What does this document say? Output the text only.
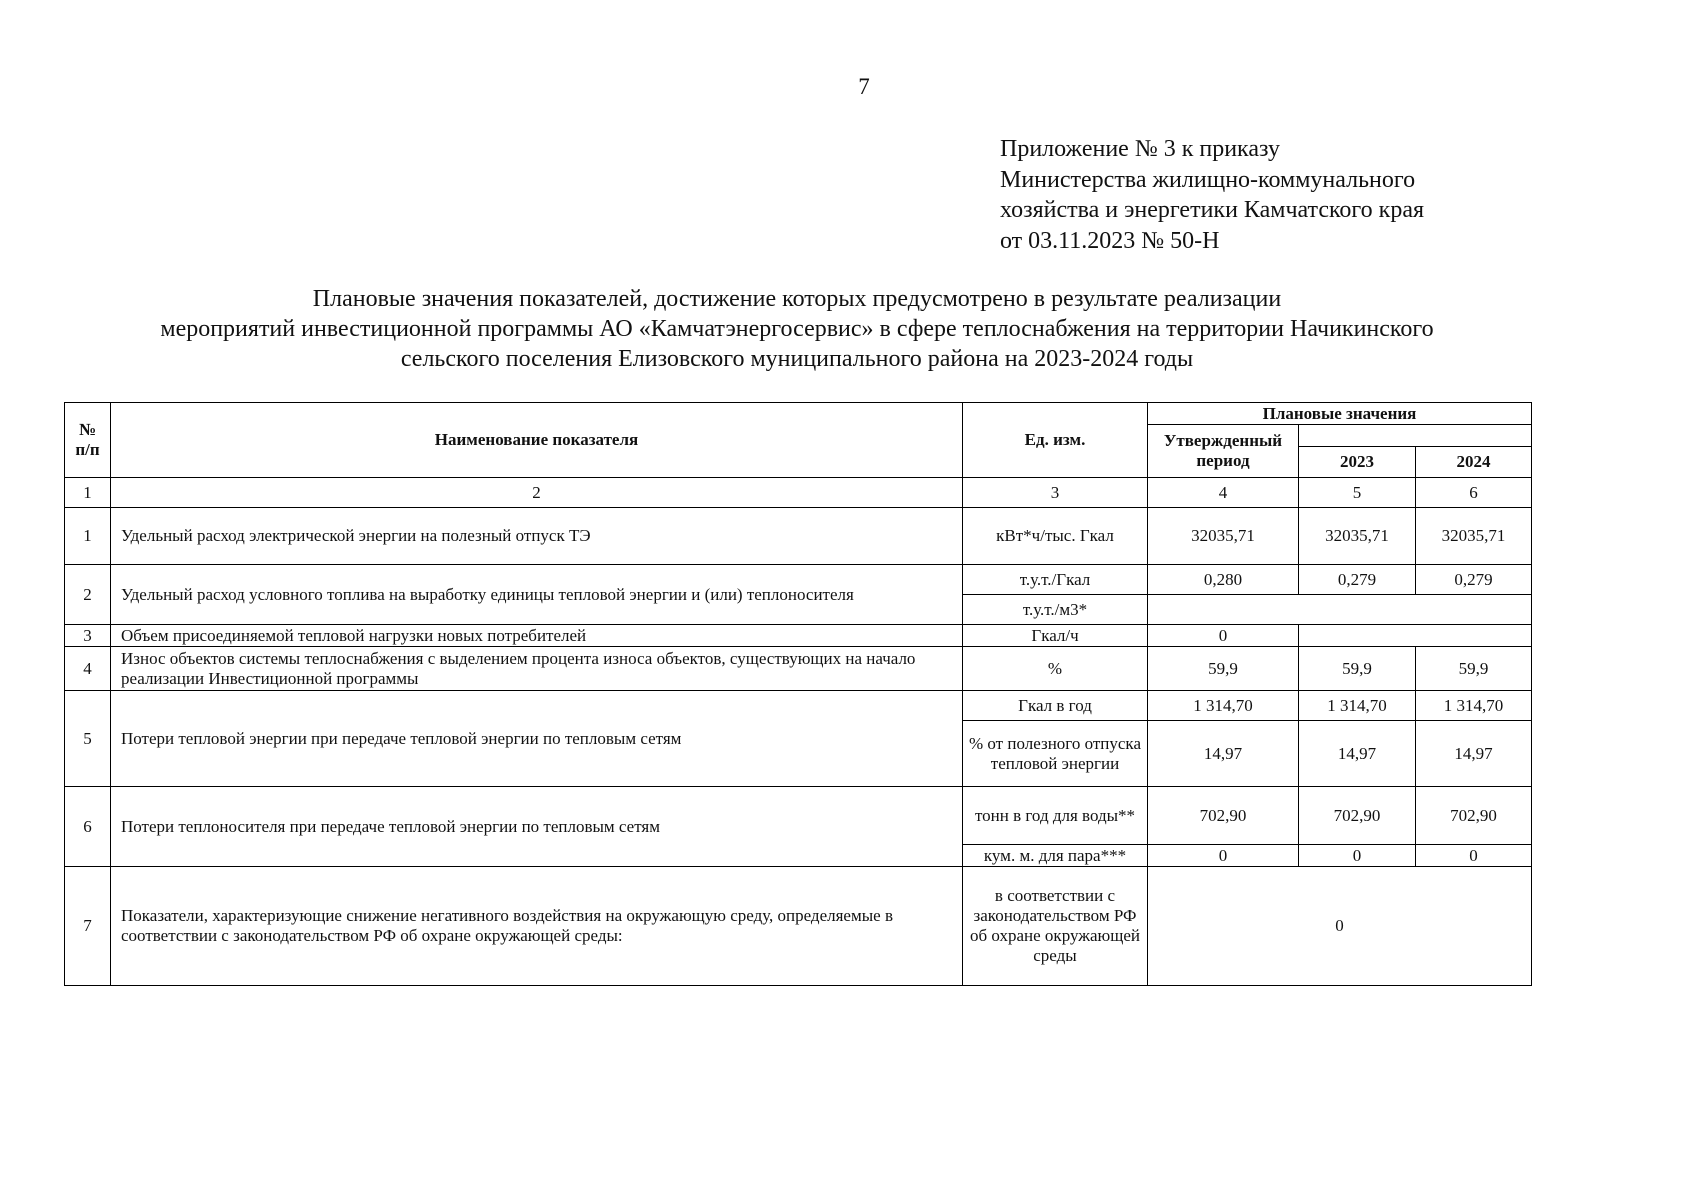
7
Приложение № 3 к приказу
Министерства жилищно-коммунального
хозяйства и энергетики Камчатского края
от 03.11.2023 № 50-Н
Плановые значения показателей, достижение которых предусмотрено в результате реализации
мероприятий инвестиционной программы АО «Камчатэнергосервис» в сфере теплоснабжения на территории Начикинского
сельского поселения Елизовского муниципального района на 2023-2024 годы
№ п/п	Наименование показателя	Ед. изм.	Плановые значения		
			Утвержденный период		
				2023	2024
1	2	3	4	5	6
1	Удельный расход электрической энергии на полезный отпуск ТЭ	кВт*ч/тыс. Гкал	32035,71	32035,71	32035,71
2	Удельный расход условного топлива на выработку единицы тепловой энергии и (или) теплоносителя	т.у.т./Гкал	0,280	0,279	0,279
		т.у.т./м3*			
3	Объем присоединяемой тепловой нагрузки новых потребителей	Гкал/ч	0		
4	Износ объектов системы теплоснабжения с выделением процента износа объектов, существующих на начало реализации Инвестиционной программы	%	59,9	59,9	59,9
5	Потери тепловой энергии при передаче тепловой энергии по тепловым сетям	Гкал в год	1 314,70	1 314,70	1 314,70
		% от полезного отпуска тепловой энергии	14,97	14,97	14,97
6	Потери теплоносителя при передаче тепловой энергии по тепловым сетям	тонн в год для воды**	702,90	702,90	702,90
		кум. м. для пара***	0	0	0
7	Показатели, характеризующие снижение негативного воздействия на окружающую среду, определяемые в соответствии с законодательством РФ об охране окружающей среды:	в соответствии с законодательством РФ об охране окружающей среды	0		
